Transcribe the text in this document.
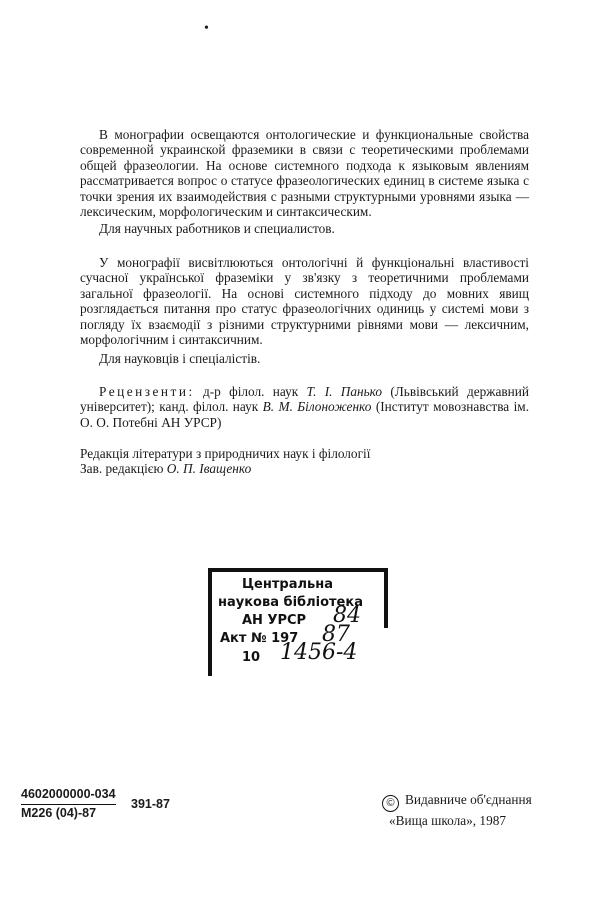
•

В монографии освещаются онтологические и функциональные свойства современной украинской фраземики в связи с теоретическими проблемами общей фразеологии. На основе системного подхода к языковым явлениям рассматривается вопрос о статусе фразеологических единиц в системе языка с точки зрения их взаимодействия с разными структурными уровнями языка — лексическим, морфологическим и синтаксическим.

Для научных работников и специалистов.

У монографії висвітлюються онтологічні й функціональні властивості сучасної української фраземіки у зв'язку з теоретичними проблемами загальної фразеології. На основі системного підходу до мовних явищ розглядається питання про статус фразеологічних одиниць у системі мови з погляду їх взаємодії з різними структурними рівнями мови — лексичним, морфологічним і синтаксичним.

Для науковців і спеціалістів.

Рецензенти: д-р філол. наук Т. І. Панько (Львівський державний університет); канд. філол. наук В. М. Білоноженко (Інститут мовознавства ім. О. О. Потебні АН УРСР)

Редакція літератури з природничих наук і філології

Зав. редакцією О. П. Іващенко

Центральна
наукова бібліотека
АН УРСР 84
Акт № 197 87
10 1456-4
4602000000-034
М226 (04)-87
391-87	© Видавниче об'єднання
«Вища школа», 1987
